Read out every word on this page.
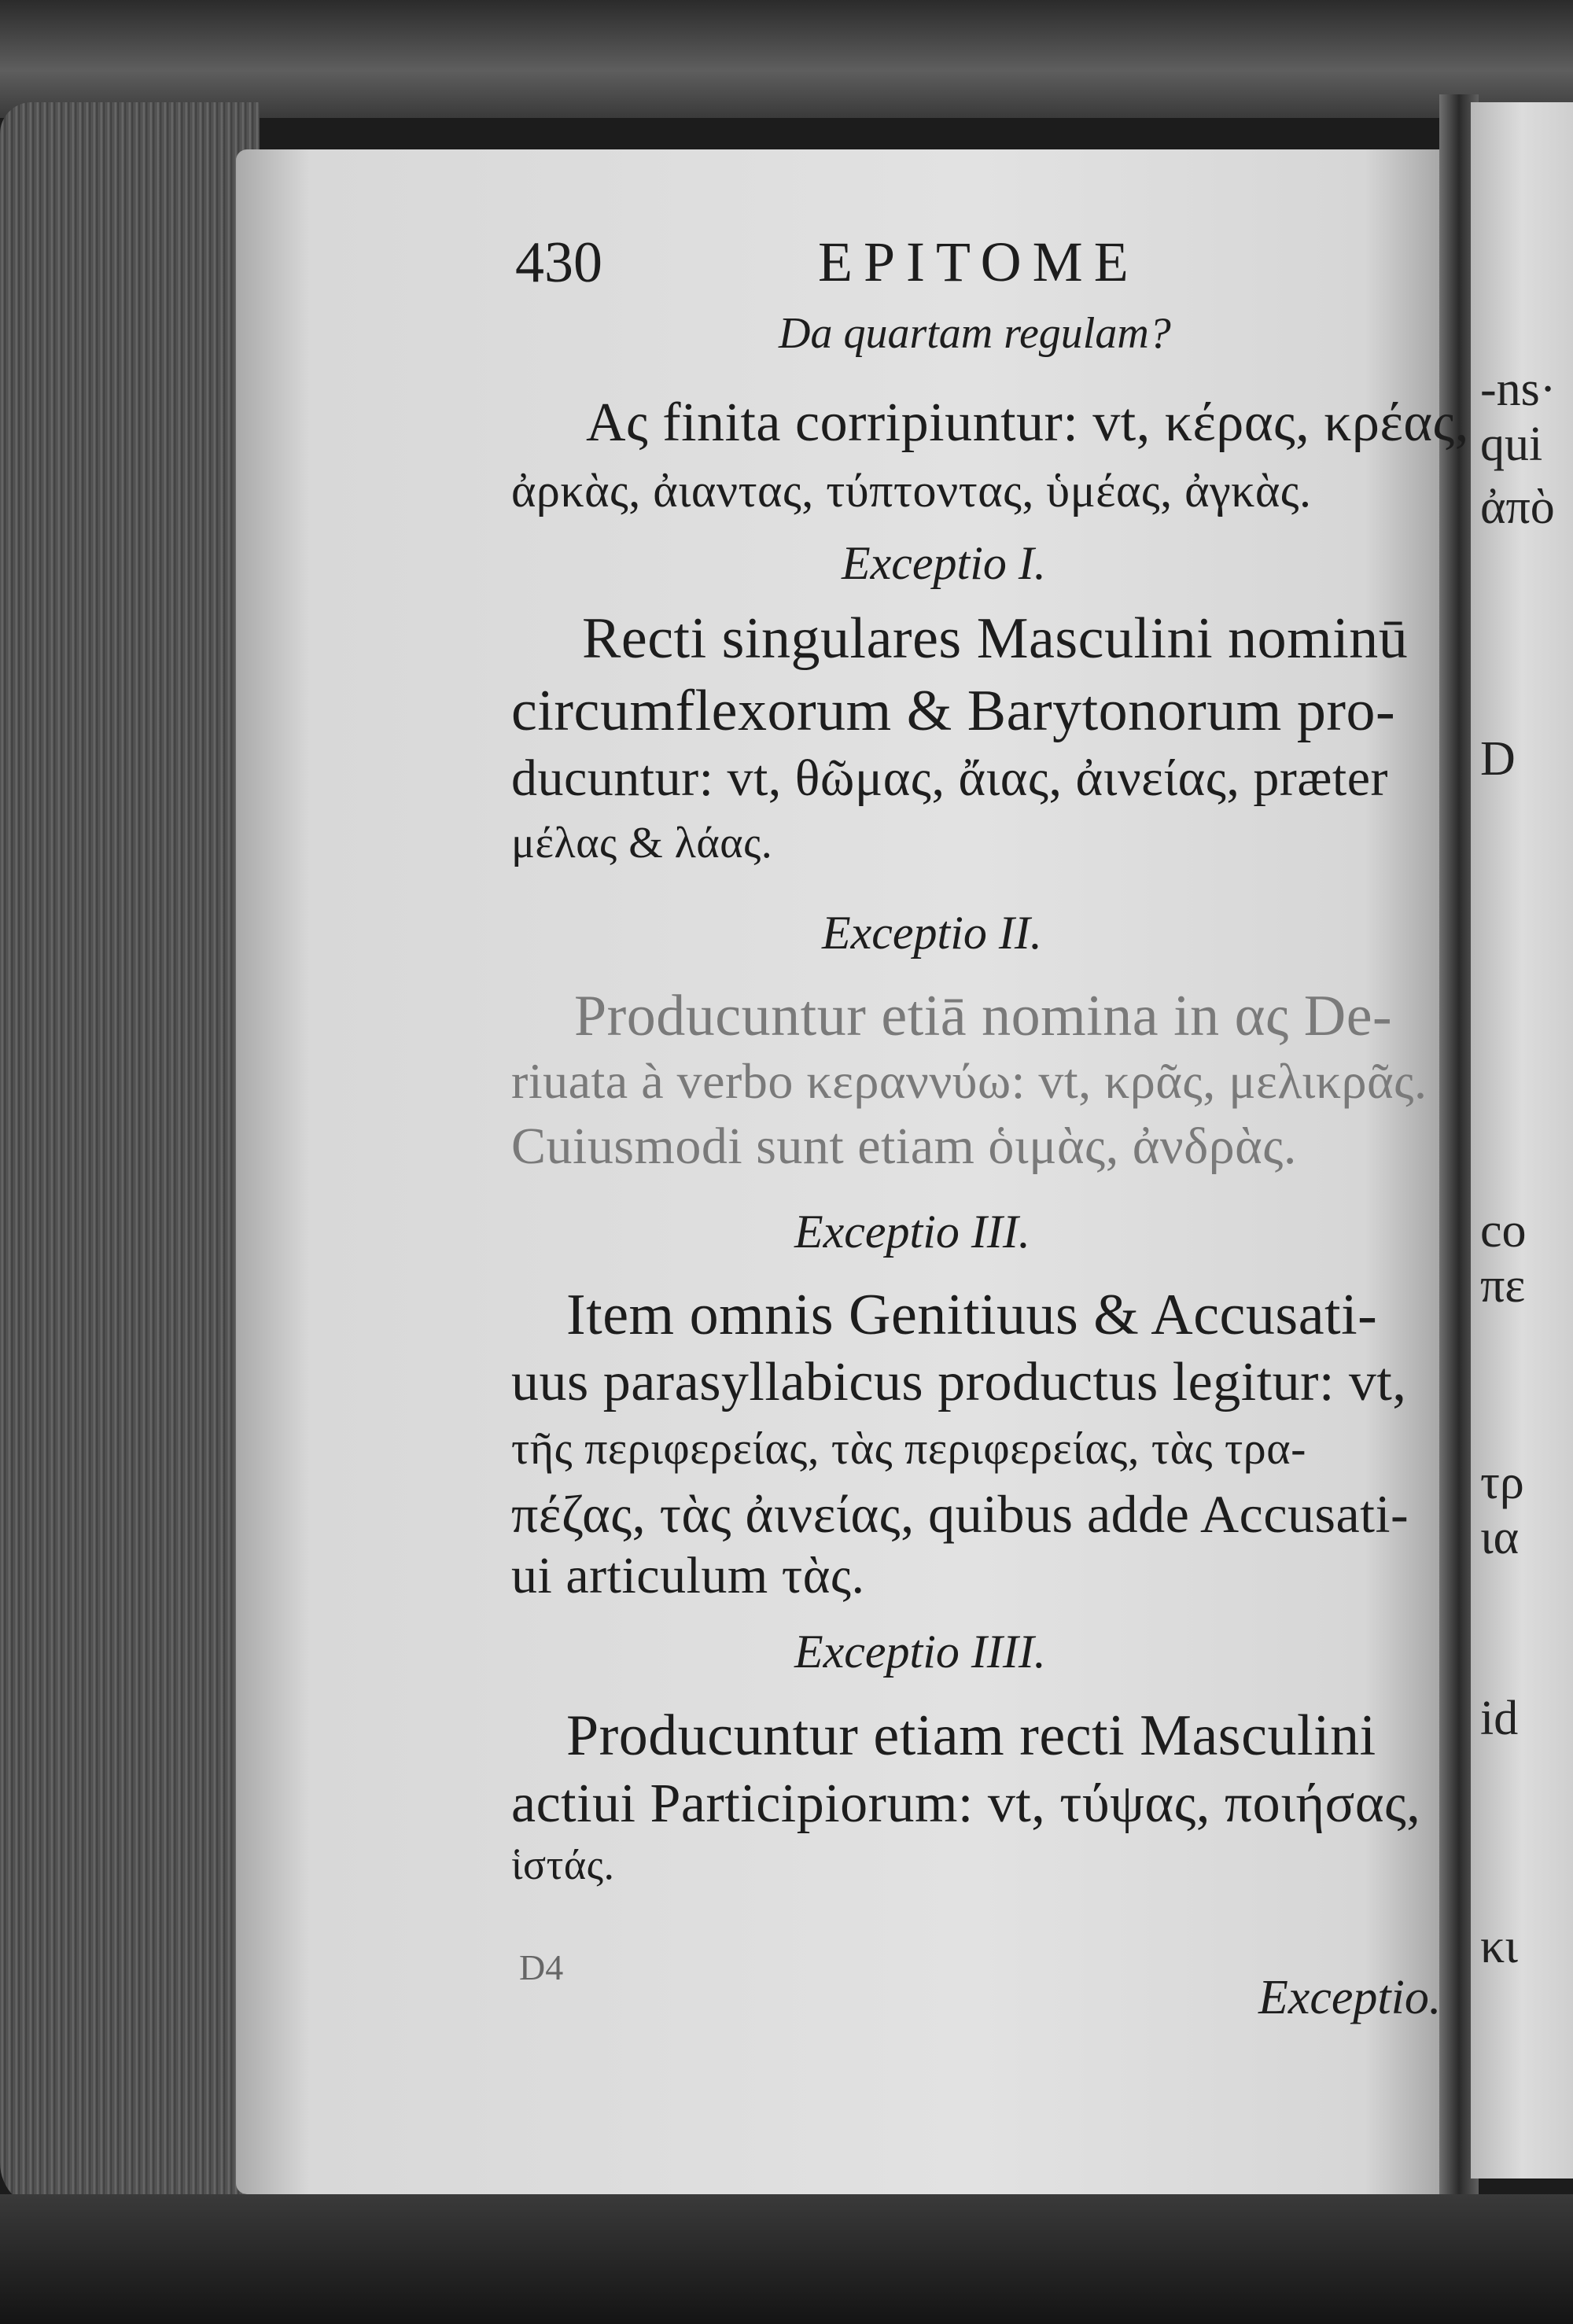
-ns·
qui
ἀπὸ
D
co
πε
τρ
ια
id
κι
430	EPITOME
Da quartam regulam?
Ας finita corripiuntur: vt, κέρας, κρέας,
ἀρκὰς, ἀιαντας, τύπτοντας, ὑμέας, ἀγκὰς.
Exceptio I.
Recti singulares Masculini nominū
circumflexorum & Barytonorum pro-
ducuntur: vt, θῶμας, ἄιας, ἀινείας, præter
μέλας & λάας.
Exceptio II.
Producuntur etiā nomina in ας De-
riuata à verbo κεραννύω: vt, κρᾶς, μελικρᾶς.
Cuiusmodi sunt etiam ὁιμὰς, ἀνδρὰς.
Exceptio III.
Item omnis Genitiuus & Accusati-
uus parasyllabicus productus legitur: vt,
τῆς περιφερείας, τὰς περιφερείας, τὰς τρα-
πέζας, τὰς ἀινείας, quibus adde Accusati-
ui articulum τὰς.
Exceptio IIII.
Producuntur etiam recti Masculini
actiui Participiorum: vt, τύψας, ποιήσας,
ἱστάς.
D4
Exceptio.
